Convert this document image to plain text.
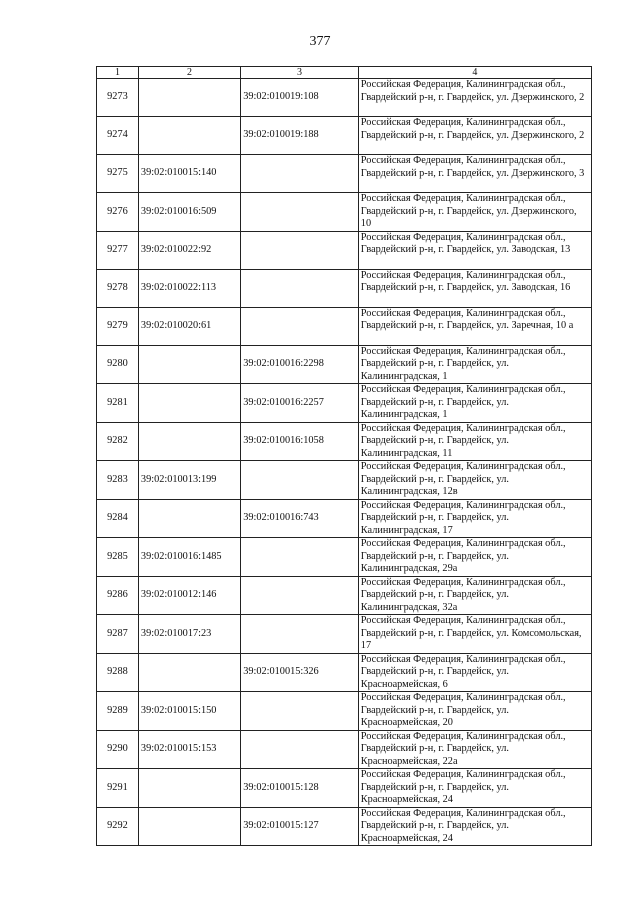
377
1	2	3	4
9273		39:02:010019:108	Российская Федерация, Калининградская обл., Гвардейский р-н, г. Гвардейск, ул. Дзержинского, 2
9274		39:02:010019:188	Российская Федерация, Калининградская обл., Гвардейский р-н, г. Гвардейск, ул. Дзержинского, 2
9275	39:02:010015:140		Российская Федерация, Калининградская обл., Гвардейский р-н, г. Гвардейск, ул. Дзержинского, 3
9276	39:02:010016:509		Российская Федерация, Калининградская обл., Гвардейский р-н, г. Гвардейск, ул. Дзержинского, 10
9277	39:02:010022:92		Российская Федерация, Калининградская обл., Гвардейский р-н, г. Гвардейск, ул. Заводская, 13
9278	39:02:010022:113		Российская Федерация, Калининградская обл., Гвардейский р-н, г. Гвардейск, ул. Заводская, 16
9279	39:02:010020:61		Российская Федерация, Калининградская обл., Гвардейский р-н, г. Гвардейск, ул. Заречная, 10 а
9280		39:02:010016:2298	Российская Федерация, Калининградская обл., Гвардейский р-н, г. Гвардейск, ул. Калининградская, 1
9281		39:02:010016:2257	Российская Федерация, Калининградская обл., Гвардейский р-н, г. Гвардейск, ул. Калининградская, 1
9282		39:02:010016:1058	Российская Федерация, Калининградская обл., Гвардейский р-н, г. Гвардейск, ул. Калининградская, 11
9283	39:02:010013:199		Российская Федерация, Калининградская обл., Гвардейский р-н, г. Гвардейск, ул. Калининградская, 12в
9284		39:02:010016:743	Российская Федерация, Калининградская обл., Гвардейский р-н, г. Гвардейск, ул. Калининградская, 17
9285	39:02:010016:1485		Российская Федерация, Калининградская обл., Гвардейский р-н, г. Гвардейск, ул. Калининградская, 29а
9286	39:02:010012:146		Российская Федерация, Калининградская обл., Гвардейский р-н, г. Гвардейск, ул. Калининградская, 32а
9287	39:02:010017:23		Российская Федерация, Калининградская обл., Гвардейский р-н, г. Гвардейск, ул. Комсомольская, 17
9288		39:02:010015:326	Российская Федерация, Калининградская обл., Гвардейский р-н, г. Гвардейск, ул. Красноармейская, 6
9289	39:02:010015:150		Российская Федерация, Калининградская обл., Гвардейский р-н, г. Гвардейск, ул. Красноармейская, 20
9290	39:02:010015:153		Российская Федерация, Калининградская обл., Гвардейский р-н, г. Гвардейск, ул. Красноармейская, 22а
9291		39:02:010015:128	Российская Федерация, Калининградская обл., Гвардейский р-н, г. Гвардейск, ул. Красноармейская, 24
9292		39:02:010015:127	Российская Федерация, Калининградская обл., Гвардейский р-н, г. Гвардейск, ул. Красноармейская, 24
